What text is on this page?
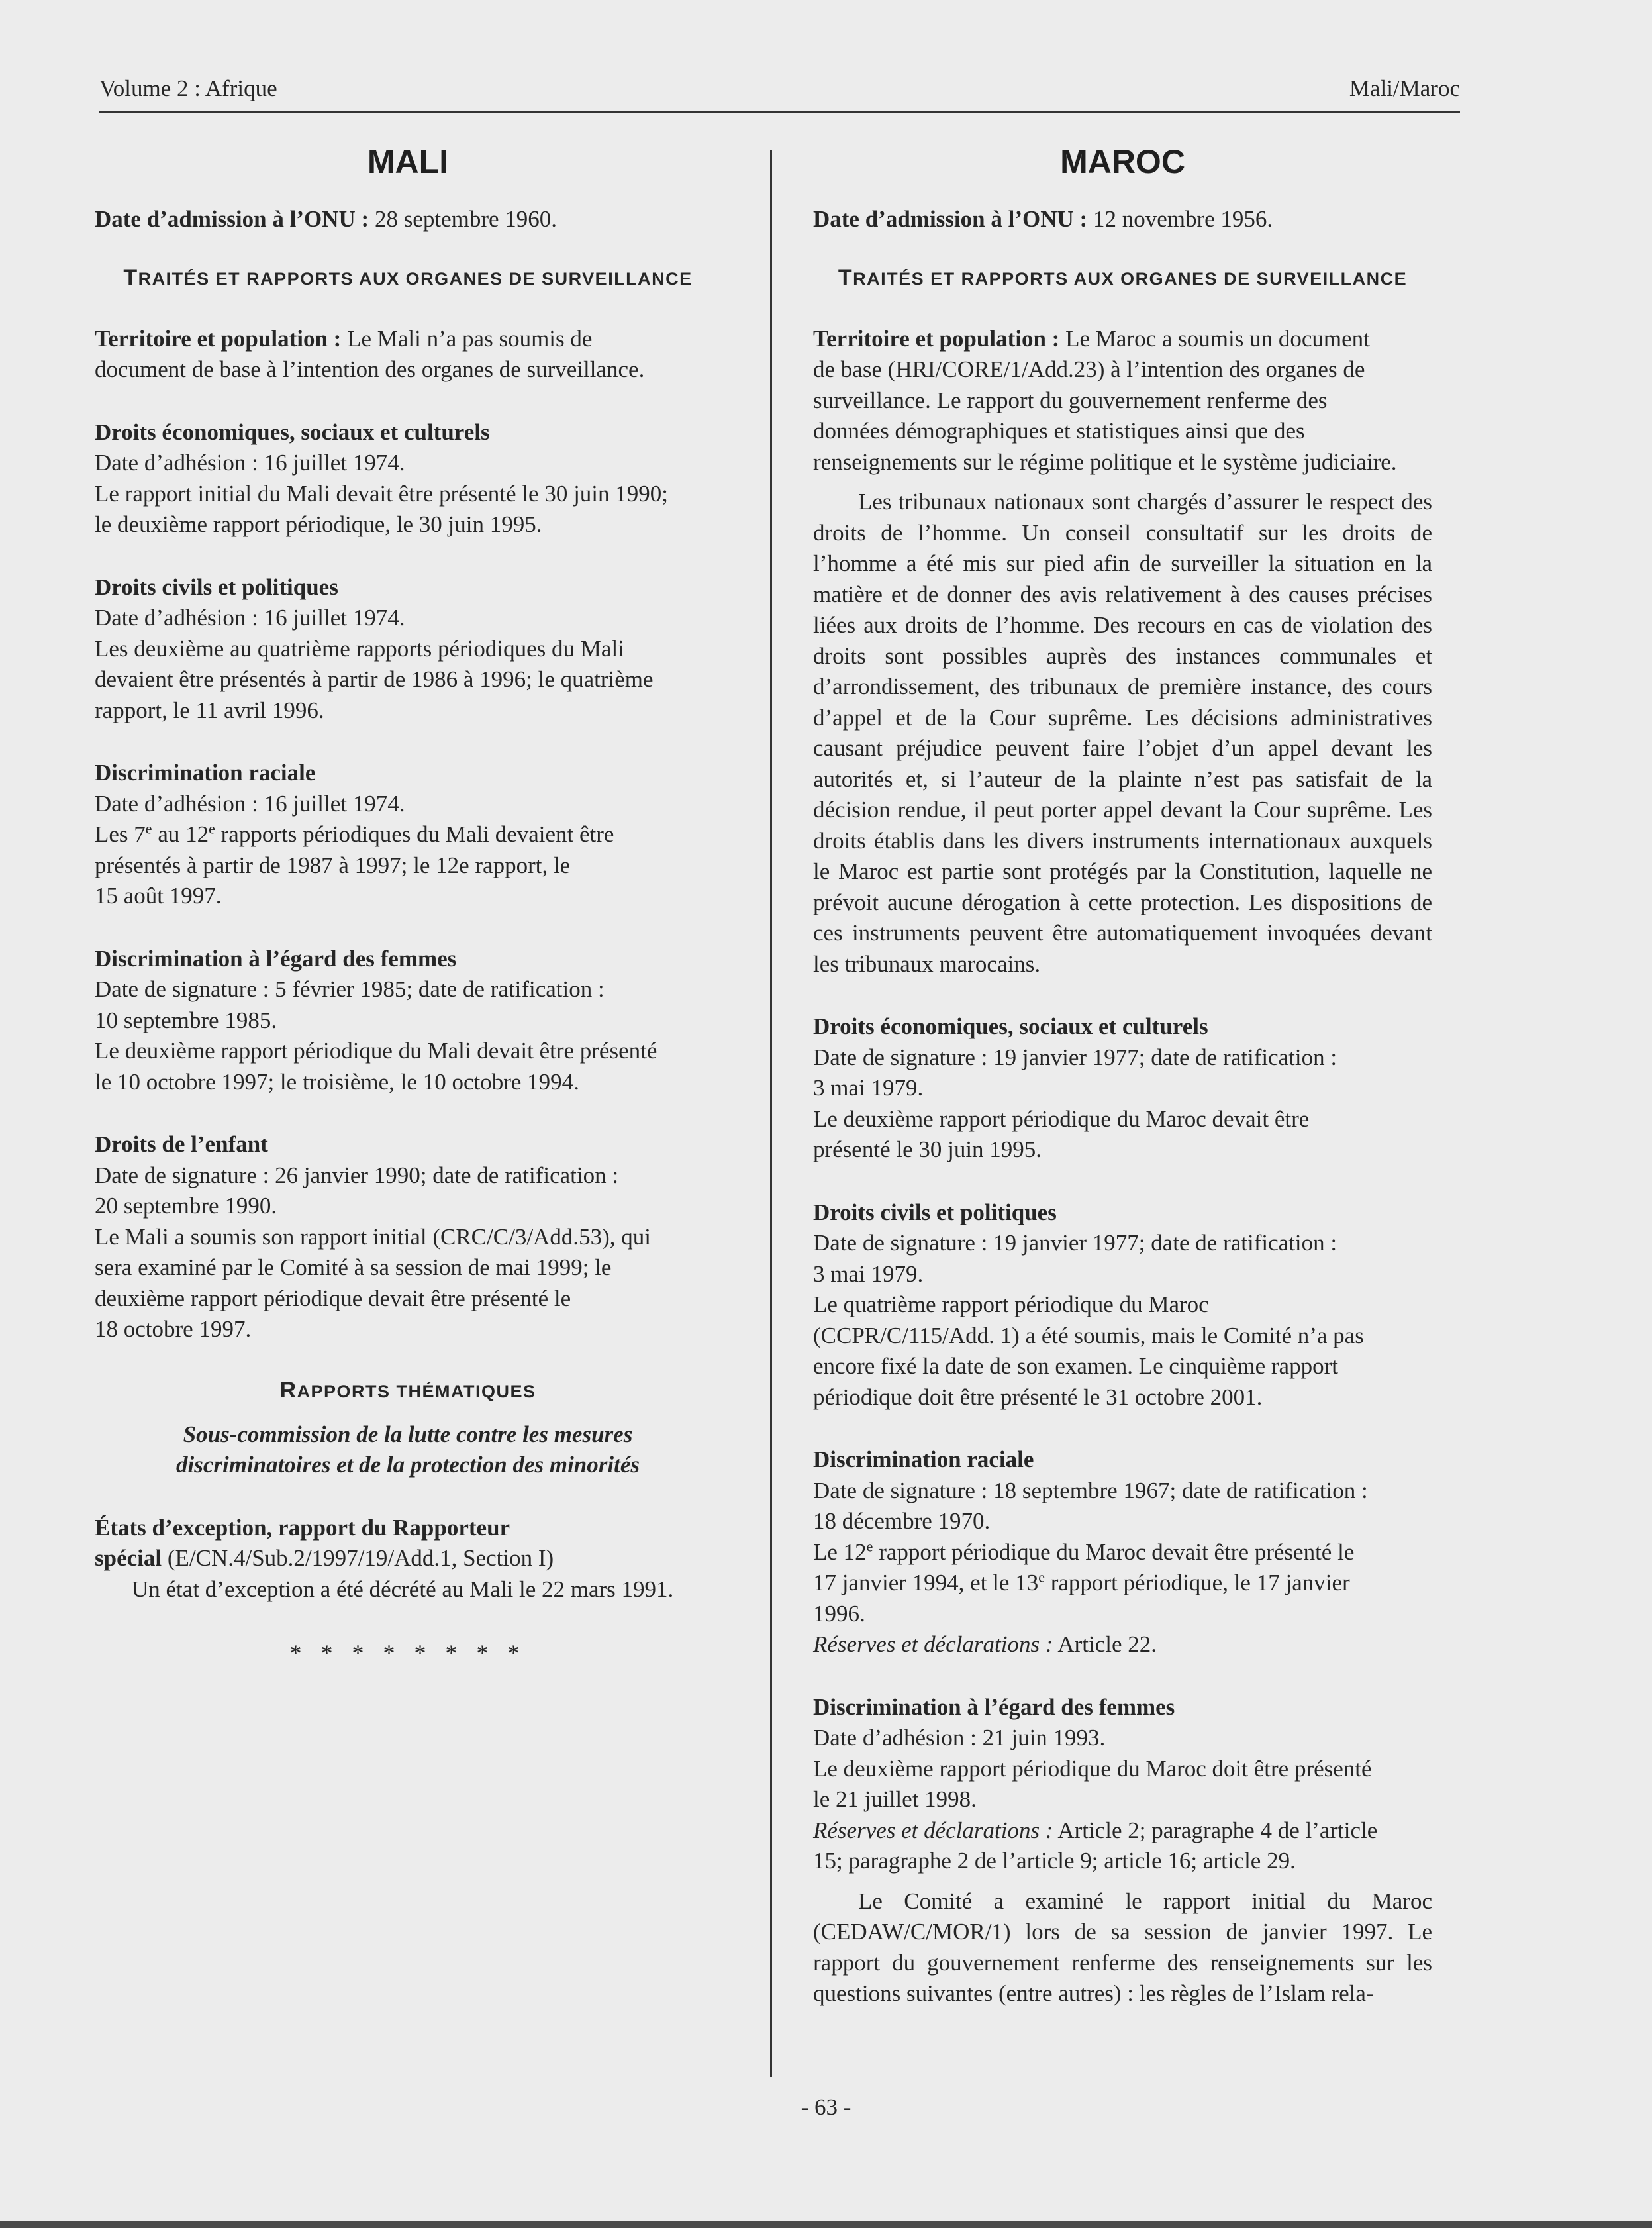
Volume 2 : Afrique	Mali/Maroc
MALI

Date d’admission à l’ONU : 28 septembre 1960.

TRAITÉS ET RAPPORTS AUX ORGANES DE SURVEILLANCE
Territoire et population : Le Mali n’a pas soumis de
document de base à l’intention des organes de surveillance.
Droits économiques, sociaux et culturels
Date d’adhésion : 16 juillet 1974.
Le rapport initial du Mali devait être présenté le 30 juin 1990;
le deuxième rapport périodique, le 30 juin 1995.
Droits civils et politiques
Date d’adhésion : 16 juillet 1974.
Les deuxième au quatrième rapports périodiques du Mali
devaient être présentés à partir de 1986 à 1996; le quatrième
rapport, le 11 avril 1996.
Discrimination raciale
Date d’adhésion : 16 juillet 1974.
Les 7e au 12e rapports périodiques du Mali devaient être
présentés à partir de 1987 à 1997; le 12e rapport, le
15 août 1997.
Discrimination à l’égard des femmes
Date de signature : 5 février 1985; date de ratification :
10 septembre 1985.
Le deuxième rapport périodique du Mali devait être présenté
le 10 octobre 1997; le troisième, le 10 octobre 1994.
Droits de l’enfant
Date de signature : 26 janvier 1990; date de ratification :
20 septembre 1990.
Le Mali a soumis son rapport initial (CRC/C/3/Add.53), qui
sera examiné par le Comité à sa session de mai 1999; le
deuxième rapport périodique devait être présenté le
18 octobre 1997.
RAPPORTS THÉMATIQUES
Sous-commission de la lutte contre les mesures
discriminatoires et de la protection des minorités
États d’exception, rapport du Rapporteur
spécial (E/CN.4/Sub.2/1997/19/Add.1, Section I)
Un état d’exception a été décrété au Mali le 22 mars 1991.
* * * * * * * *
MAROC

Date d’admission à l’ONU : 12 novembre 1956.

TRAITÉS ET RAPPORTS AUX ORGANES DE SURVEILLANCE
Territoire et population : Le Maroc a soumis un document
de base (HRI/CORE/1/Add.23) à l’intention des organes de
surveillance. Le rapport du gouvernement renferme des
données démographiques et statistiques ainsi que des
renseignements sur le régime politique et le système judiciaire.

Les tribunaux nationaux sont chargés d’assurer le respect des droits de l’homme. Un conseil consultatif sur les droits de l’homme a été mis sur pied afin de surveiller la situation en la matière et de donner des avis relativement à des causes précises liées aux droits de l’homme. Des recours en cas de violation des droits sont possibles auprès des instances communales et d’arrondissement, des tribunaux de première instance, des cours d’appel et de la Cour suprême. Les décisions administratives causant préjudice peuvent faire l’objet d’un appel devant les autorités et, si l’auteur de la plainte n’est pas satisfait de la décision rendue, il peut porter appel devant la Cour suprême. Les droits établis dans les divers instruments internationaux auxquels le Maroc est partie sont protégés par la Constitution, laquelle ne prévoit aucune dérogation à cette protection. Les dispositions de ces instruments peuvent être automatiquement invoquées devant les tribunaux marocains.

Droits économiques, sociaux et culturels
Date de signature : 19 janvier 1977; date de ratification :
3 mai 1979.
Le deuxième rapport périodique du Maroc devait être
présenté le 30 juin 1995.
Droits civils et politiques
Date de signature : 19 janvier 1977; date de ratification :
3 mai 1979.
Le quatrième rapport périodique du Maroc
(CCPR/C/115/Add. 1) a été soumis, mais le Comité n’a pas
encore fixé la date de son examen. Le cinquième rapport
périodique doit être présenté le 31 octobre 2001.
Discrimination raciale
Date de signature : 18 septembre 1967; date de ratification :
18 décembre 1970.
Le 12e rapport périodique du Maroc devait être présenté le
17 janvier 1994, et le 13e rapport périodique, le 17 janvier
1996.
Réserves et déclarations : Article 22.
Discrimination à l’égard des femmes
Date d’adhésion : 21 juin 1993.
Le deuxième rapport périodique du Maroc doit être présenté
le 21 juillet 1998.
Réserves et déclarations : Article 2; paragraphe 4 de l’article
15; paragraphe 2 de l’article 9; article 16; article 29.

Le Comité a examiné le rapport initial du Maroc (CEDAW/C/MOR/1) lors de sa session de janvier 1997. Le rapport du gouvernement renferme des renseignements sur les questions suivantes (entre autres) : les règles de l’Islam rela-

- 63 -
